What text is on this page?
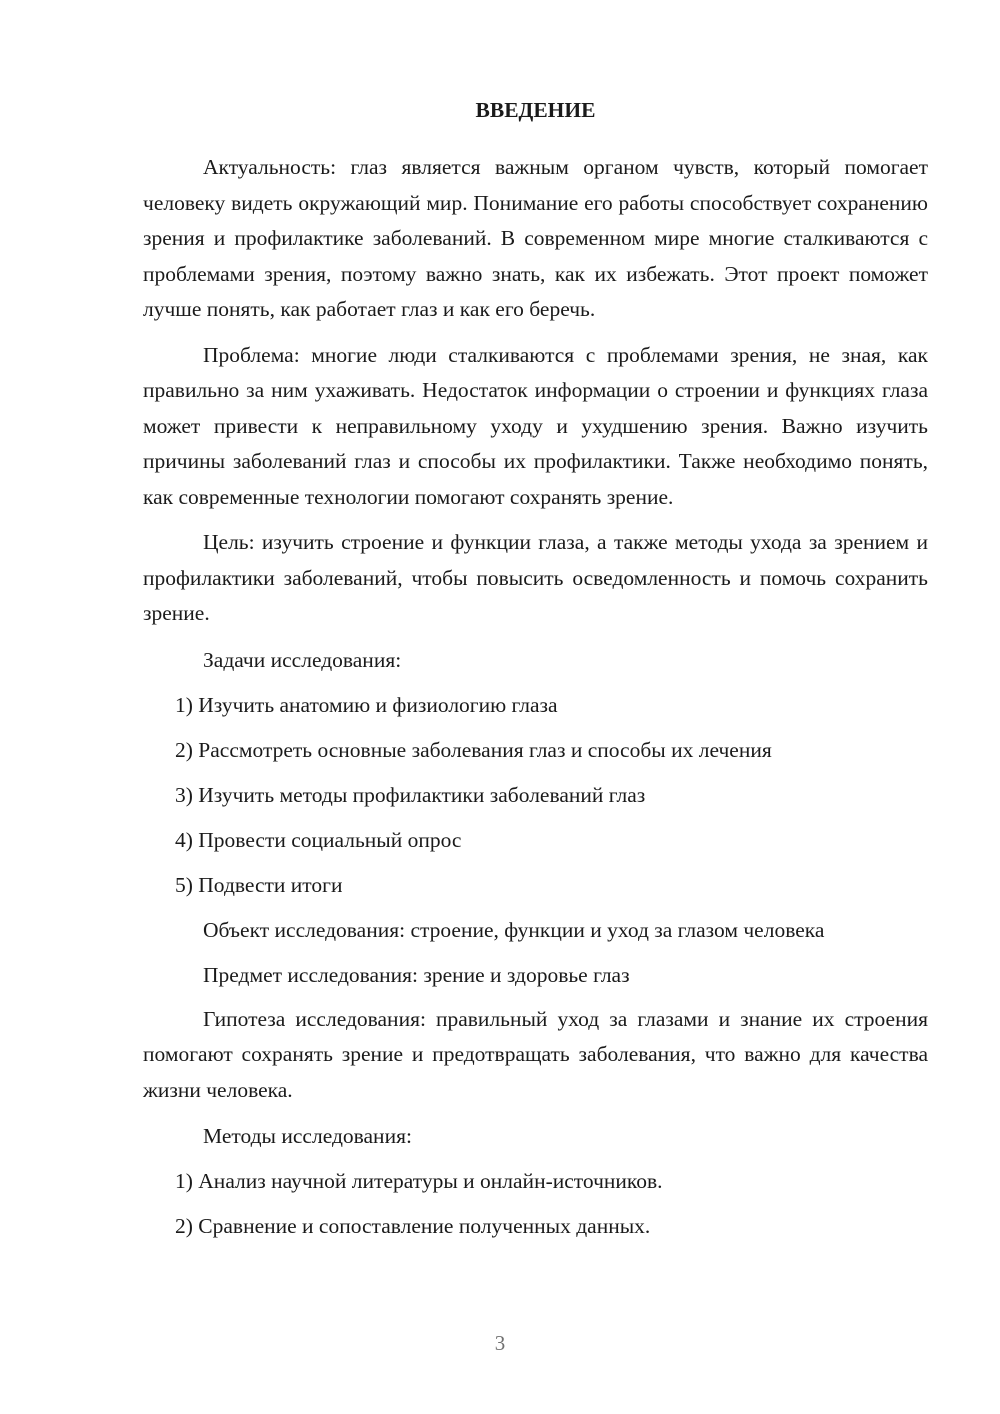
ВВЕДЕНИЕ

Актуальность: глаз является важным органом чувств, который помогает человеку видеть окружающий мир. Понимание его работы способствует сохранению зрения и профилактике заболеваний. В современном мире многие сталкиваются с проблемами зрения, поэтому важно знать, как их избежать. Этот проект поможет лучше понять, как работает глаз и как его беречь.

Проблема: многие люди сталкиваются с проблемами зрения, не зная, как правильно за ним ухаживать. Недостаток информации о строении и функциях глаза может привести к неправильному уходу и ухудшению зрения. Важно изучить причины заболеваний глаз и способы их профилактики. Также необходимо понять, как современные технологии помогают сохранять зрение.

Цель: изучить строение и функции глаза, а также методы ухода за зрением и профилактики заболеваний, чтобы повысить осведомленность и помочь сохранить зрение.

Задачи исследования:

1) Изучить анатомию и физиологию глаза

2) Рассмотреть основные заболевания глаз и способы их лечения

3) Изучить методы профилактики заболеваний глаз

4) Провести социальный опрос

5) Подвести итоги

Объект исследования: строение, функции и уход за глазом человека

Предмет исследования: зрение и здоровье глаз

Гипотеза исследования: правильный уход за глазами и знание их строения помогают сохранять зрение и предотвращать заболевания, что важно для качества жизни человека.

Методы исследования:

1) Анализ научной литературы и онлайн-источников.

2) Сравнение и сопоставление полученных данных.

3
